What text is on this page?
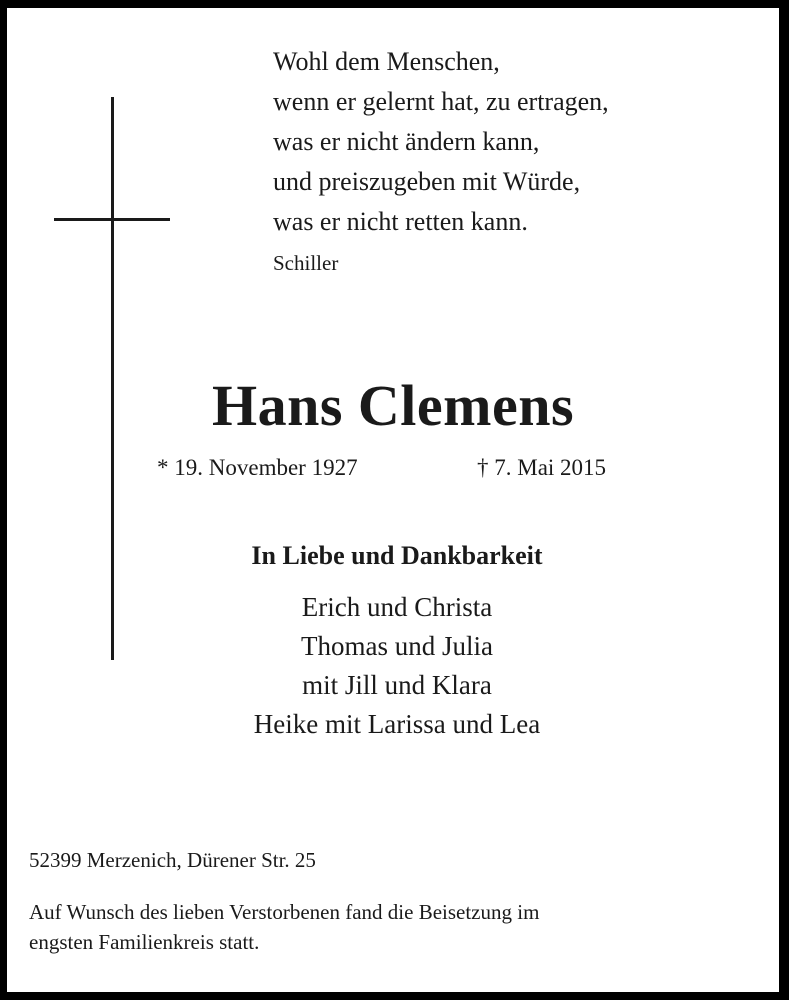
Wohl dem Menschen,
wenn er gelernt hat, zu ertragen,
was er nicht ändern kann,
und preiszugeben mit Würde,
was er nicht retten kann.
Schiller
Hans Clemens
* 19. November 1927	† 7. Mai 2015
In Liebe und Dankbarkeit
Erich und Christa
Thomas und Julia
mit Jill und Klara
Heike mit Larissa und Lea
52399 Merzenich, Dürener Str. 25
Auf Wunsch des lieben Verstorbenen fand die Beisetzung im
engsten Familienkreis statt.
